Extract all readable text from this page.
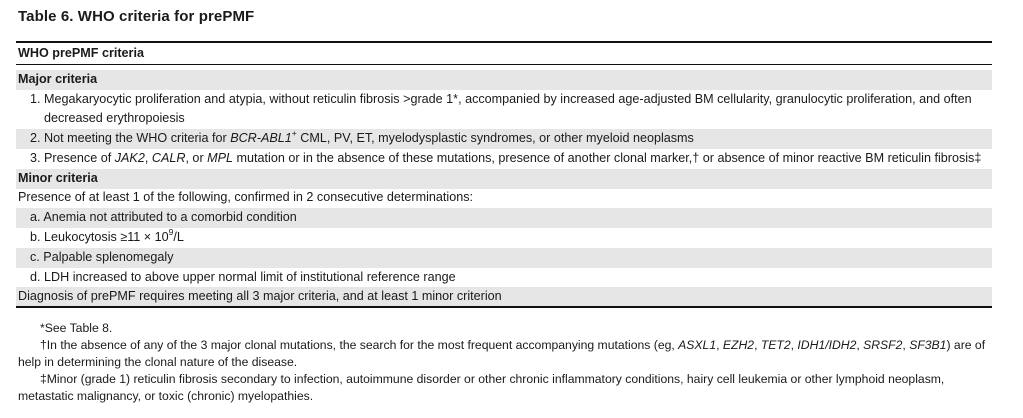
Table 6. WHO criteria for prePMF
WHO prePMF criteria
Major criteria
1. Megakaryocytic proliferation and atypia, without reticulin fibrosis >grade 1*, accompanied by increased age-adjusted BM cellularity, granulocytic proliferation, and often
decreased erythropoiesis
2. Not meeting the WHO criteria for BCR-ABL1+ CML, PV, ET, myelodysplastic syndromes, or other myeloid neoplasms
3. Presence of JAK2, CALR, or MPL mutation or in the absence of these mutations, presence of another clonal marker,† or absence of minor reactive BM reticulin fibrosis‡
Minor criteria
Presence of at least 1 of the following, confirmed in 2 consecutive determinations:
a. Anemia not attributed to a comorbid condition
b. Leukocytosis $\ge 11 \times 10^9/L$
c. Palpable splenomegaly
d. LDH increased to above upper normal limit of institutional reference range
Diagnosis of prePMF requires meeting all 3 major criteria, and at least 1 minor criterion
*See Table 8.
†In the absence of any of the 3 major clonal mutations, the search for the most frequent accompanying mutations (eg, ASXL1, EZH2, TET2, IDH1/IDH2, SRSF2, SF3B1) are of help in determining the clonal nature of the disease.
‡Minor (grade 1) reticulin fibrosis secondary to infection, autoimmune disorder or other chronic inflammatory conditions, hairy cell leukemia or other lymphoid neoplasm, metastatic malignancy, or toxic (chronic) myelopathies.
